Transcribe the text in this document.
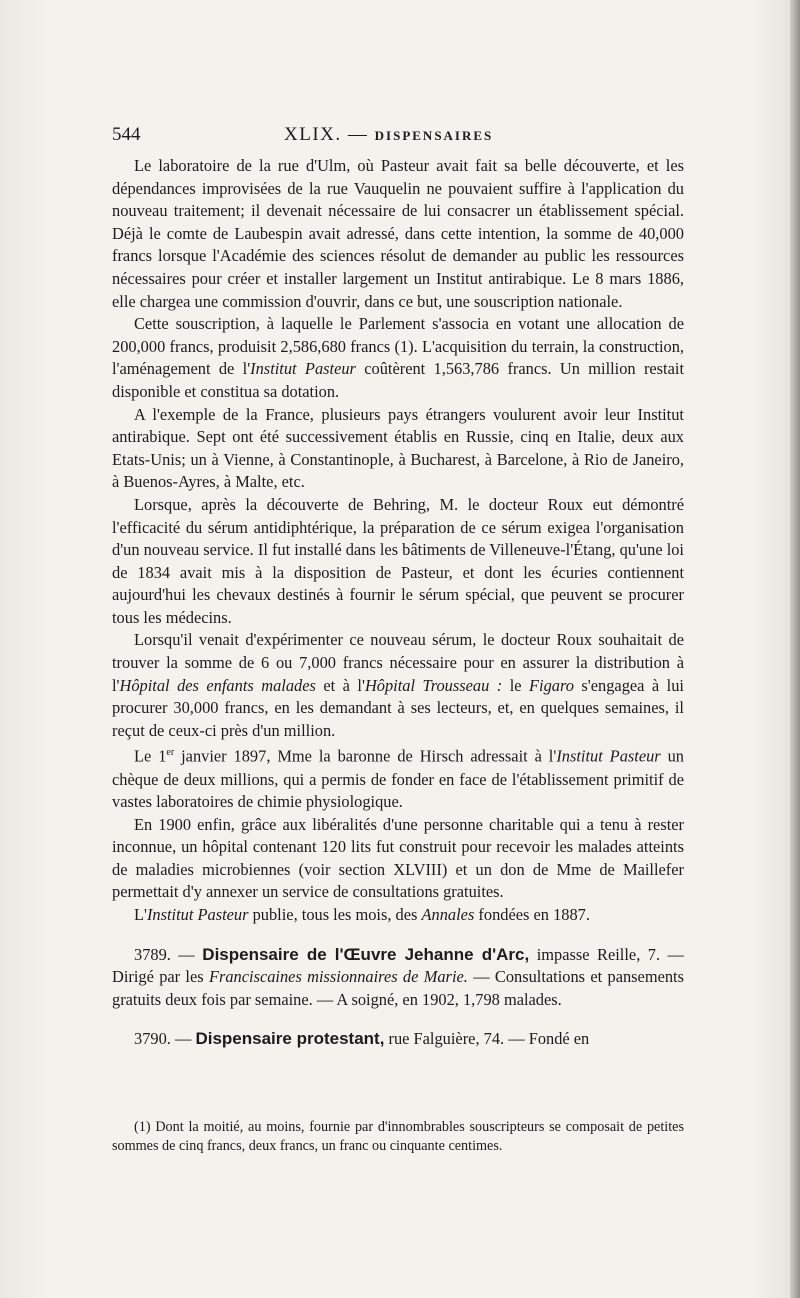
544	XLIX. — DISPENSAIRES

Le laboratoire de la rue d'Ulm, où Pasteur avait fait sa belle découverte, et les dépendances improvisées de la rue Vauquelin ne pouvaient suffire à l'application du nouveau traitement; il devenait nécessaire de lui consacrer un établissement spécial. Déjà le comte de Laubespin avait adressé, dans cette intention, la somme de 40,000 francs lorsque l'Académie des sciences résolut de demander au public les ressources nécessaires pour créer et installer largement un Institut antirabique. Le 8 mars 1886, elle chargea une commission d'ouvrir, dans ce but, une souscription nationale.

Cette souscription, à laquelle le Parlement s'associa en votant une allocation de 200,000 francs, produisit 2,586,680 francs (1). L'acquisition du terrain, la construction, l'aménagement de l'Institut Pasteur coûtèrent 1,563,786 francs. Un million restait disponible et constitua sa dotation.

A l'exemple de la France, plusieurs pays étrangers voulurent avoir leur Institut antirabique. Sept ont été successivement établis en Russie, cinq en Italie, deux aux Etats-Unis; un à Vienne, à Constantinople, à Bucharest, à Barcelone, à Rio de Janeiro, à Buenos-Ayres, à Malte, etc.

Lorsque, après la découverte de Behring, M. le docteur Roux eut démontré l'efficacité du sérum antidiphtérique, la préparation de ce sérum exigea l'organisation d'un nouveau service. Il fut installé dans les bâtiments de Villeneuve-l'Étang, qu'une loi de 1834 avait mis à la disposition de Pasteur, et dont les écuries contiennent aujourd'hui les chevaux destinés à fournir le sérum spécial, que peuvent se procurer tous les médecins.

Lorsqu'il venait d'expérimenter ce nouveau sérum, le docteur Roux souhaitait de trouver la somme de 6 ou 7,000 francs nécessaire pour en assurer la distribution à l'Hôpital des enfants malades et à l'Hôpital Trousseau : le Figaro s'engagea à lui procurer 30,000 francs, en les demandant à ses lecteurs, et, en quelques semaines, il reçut de ceux-ci près d'un million.

Le 1er janvier 1897, Mme la baronne de Hirsch adressait à l'Institut Pasteur un chèque de deux millions, qui a permis de fonder en face de l'établissement primitif de vastes laboratoires de chimie physiologique.

En 1900 enfin, grâce aux libéralités d'une personne charitable qui a tenu à rester inconnue, un hôpital contenant 120 lits fut construit pour recevoir les malades atteints de maladies microbiennes (voir section XLVIII) et un don de Mme de Maillefer permettait d'y annexer un service de consultations gratuites.

L'Institut Pasteur publie, tous les mois, des Annales fondées en 1887.

3789. — Dispensaire de l'Œuvre Jehanne d'Arc, impasse Reille, 7. — Dirigé par les Franciscaines missionnaires de Marie. — Consultations et pansements gratuits deux fois par semaine. — A soigné, en 1902, 1,798 malades.

3790. — Dispensaire protestant, rue Falguière, 74. — Fondé en

(1) Dont la moitié, au moins, fournie par d'innombrables souscripteurs se composait de petites sommes de cinq francs, deux francs, un franc ou cinquante centimes.
